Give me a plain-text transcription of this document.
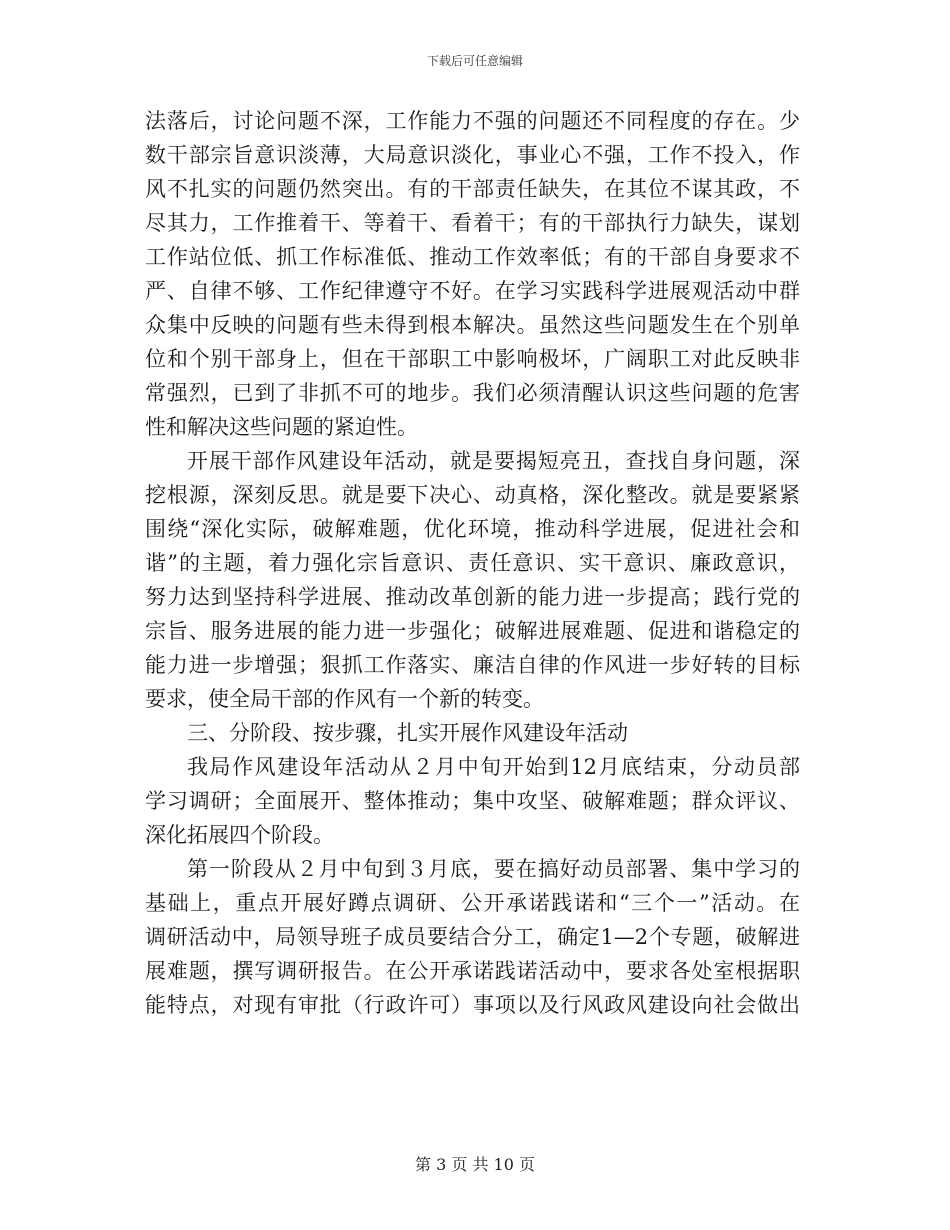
下载后可任意编辑
法落后，讨论问题不深，工作能力不强的问题还不同程度的存在。少
数干部宗旨意识淡薄，大局意识淡化，事业心不强，工作不投入，作
风不扎实的问题仍然突出。有的干部责任缺失，在其位不谋其政，不
尽其力，工作推着干、等着干、看着干；有的干部执行力缺失，谋划
工作站位低、抓工作标准低、推动工作效率低；有的干部自身要求不
严、自律不够、工作纪律遵守不好。在学习实践科学进展观活动中群
众集中反映的问题有些未得到根本解决。虽然这些问题发生在个别单
位和个别干部身上，但在干部职工中影响极坏，广阔职工对此反映非
常强烈，已到了非抓不可的地步。我们必须清醒认识这些问题的危害
性和解决这些问题的紧迫性。
开展干部作风建设年活动，就是要揭短亮丑，查找自身问题，深
挖根源，深刻反思。就是要下决心、动真格，深化整改。就是要紧紧
围绕“深化实际，破解难题，优化环境，推动科学进展，促进社会和
谐”的主题，着力强化宗旨意识、责任意识、实干意识、廉政意识，
努力达到坚持科学进展、推动改革创新的能力进一步提高；践行党的
宗旨、服务进展的能力进一步强化；破解进展难题、促进和谐稳定的
能力进一步增强；狠抓工作落实、廉洁自律的作风进一步好转的目标
要求，使全局干部的作风有一个新的转变。
三、分阶段、按步骤，扎实开展作风建设年活动
我局作风建设年活动从２月中旬开始到12月底结束，分动员部
学习调研；全面展开、整体推动；集中攻坚、破解难题；群众评议、
深化拓展四个阶段。
第一阶段从２月中旬到３月底，要在搞好动员部署、集中学习的
基础上，重点开展好蹲点调研、公开承诺践诺和“三个一”活动。在
调研活动中，局领导班子成员要结合分工，确定1—2个专题，破解进
展难题，撰写调研报告。在公开承诺践诺活动中，要求各处室根据职
能特点，对现有审批（行政许可）事项以及行风政风建设向社会做出
第 3 页 共 10 页
